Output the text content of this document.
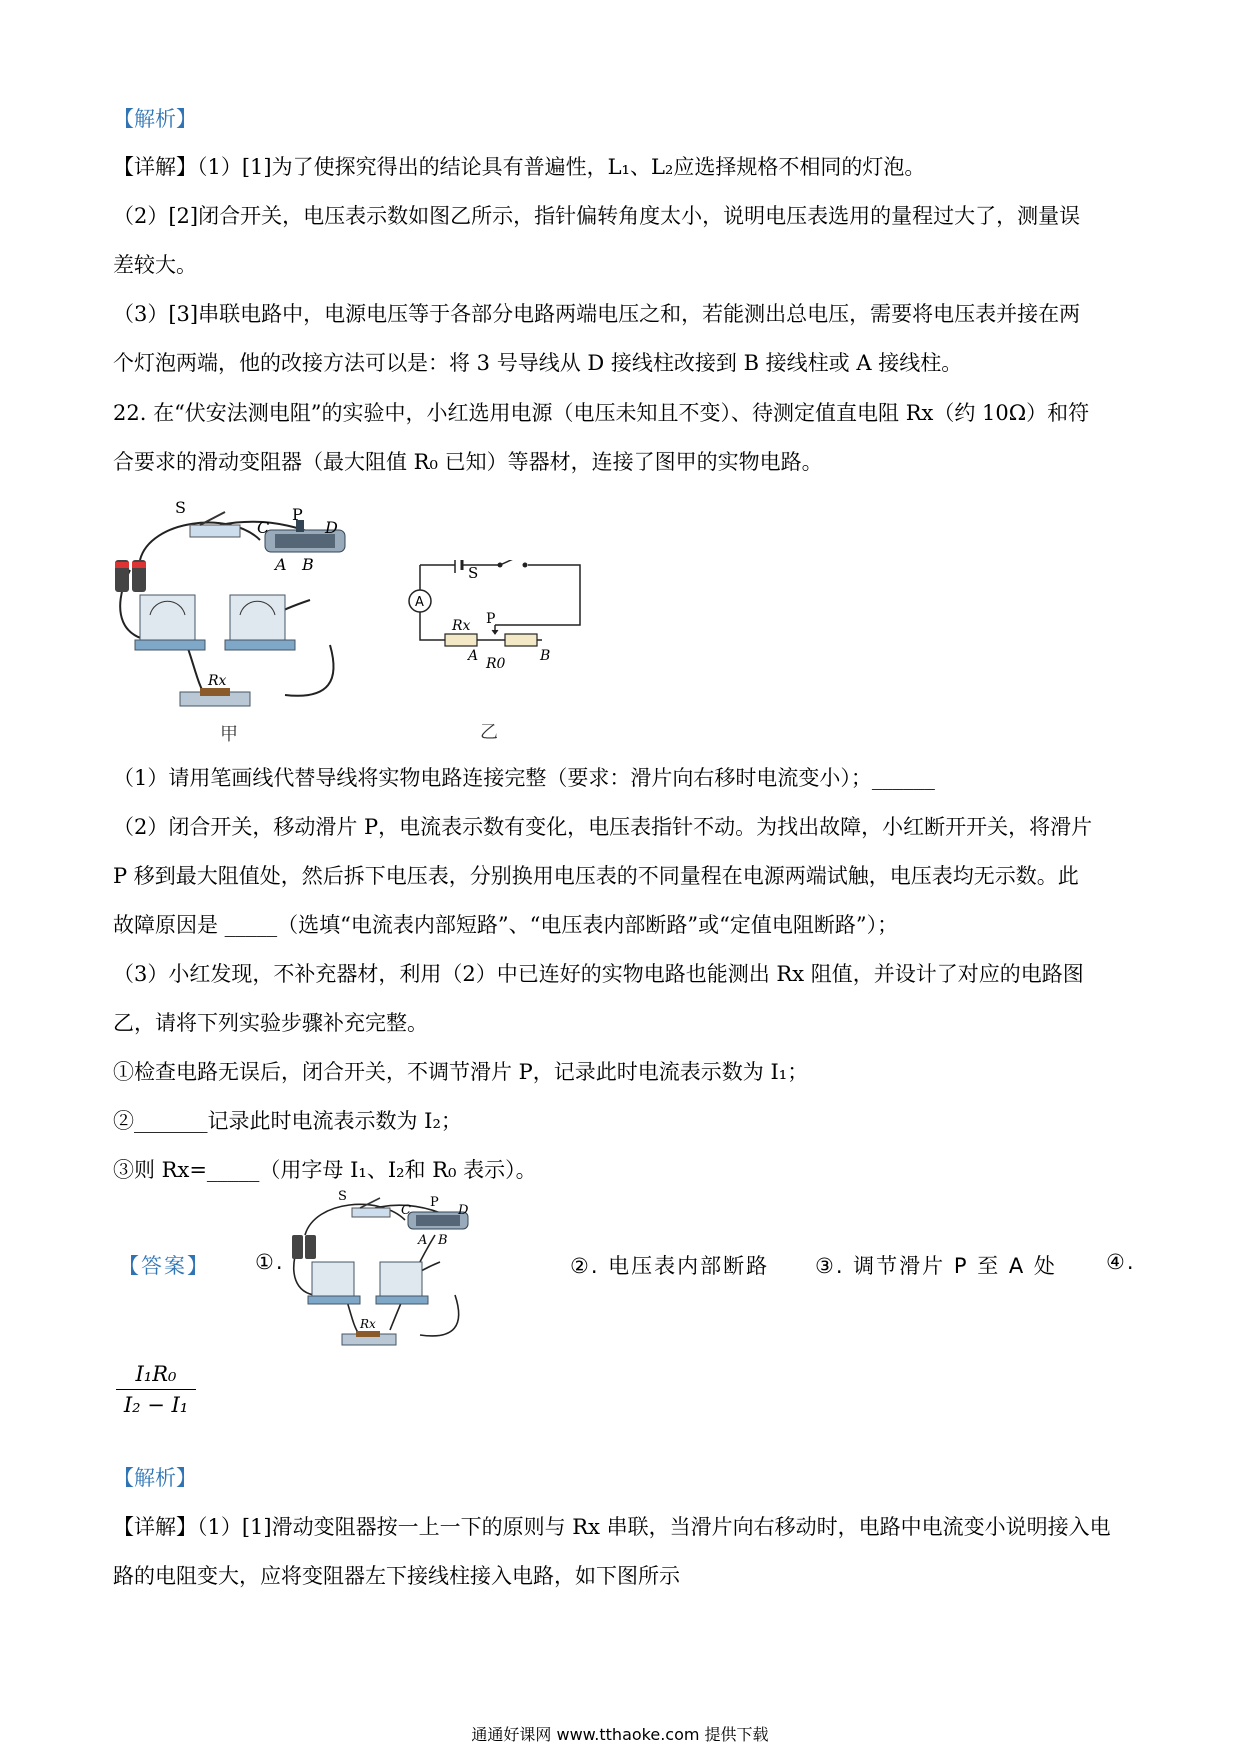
【解析】
【详解】（1）[1]为了使探究得出的结论具有普遍性，L₁、L₂应选择规格不相同的灯泡。
（2）[2]闭合开关，电压表示数如图乙所示，指针偏转角度太小，说明电压表选用的量程过大了，测量误
差较大。
（3）[3]串联电路中，电源电压等于各部分电路两端电压之和，若能测出总电压，需要将电压表并接在两
个灯泡两端，他的改接方法可以是：将 3 号导线从 D 接线柱改接到 B 接线柱或 A 接线柱。
22. 在“伏安法测电阻”的实验中，小红选用电源（电压未知且不变）、待测定值直电阻 Rx（约 10Ω）和符
合要求的滑动变阻器（最大阻值 R₀ 已知）等器材，连接了图甲的实物电路。
S
C
P
D
A B
Rx
甲
S
A
Rx P
A R0 B
乙
（1）请用笔画线代替导线将实物电路连接完整（要求：滑片向右移时电流变小）；______
（2）闭合开关，移动滑片 P，电流表示数有变化，电压表指针不动。为找出故障，小红断开开关，将滑片
P 移到最大阻值处，然后拆下电压表，分别换用电压表的不同量程在电源两端试触，电压表均无示数。此
故障原因是 _____（选填“电流表内部短路”、“电压表内部断路”或“定值电阻断路”）；
（3）小红发现，不补充器材，利用（2）中已连好的实物电路也能测出 Rx 阻值，并设计了对应的电路图
乙，请将下列实验步骤补充完整。
①检查电路无误后，闭合开关，不调节滑片 P，记录此时电流表示数为 I₁；
②_______记录此时电流表示数为 I₂；
③则 Rx=_____（用字母 I₁、I₂和 R₀ 表示）。
【答案】 ①.
S
C
P
D
A B
Rx
②. 电压表内部断路 ③. 调节滑片 P 至 A 处 ④.
$\frac{\text{I₁R₀}}{\text{I₂ − I₁}}$
【解析】
【详解】（1）[1]滑动变阻器按一上一下的原则与 Rx 串联，当滑片向右移动时，电路中电流变小说明接入电
路的电阻变大，应将变阻器左下接线柱接入电路，如下图所示
通通好课网 www.tthaoke.com 提供下载
